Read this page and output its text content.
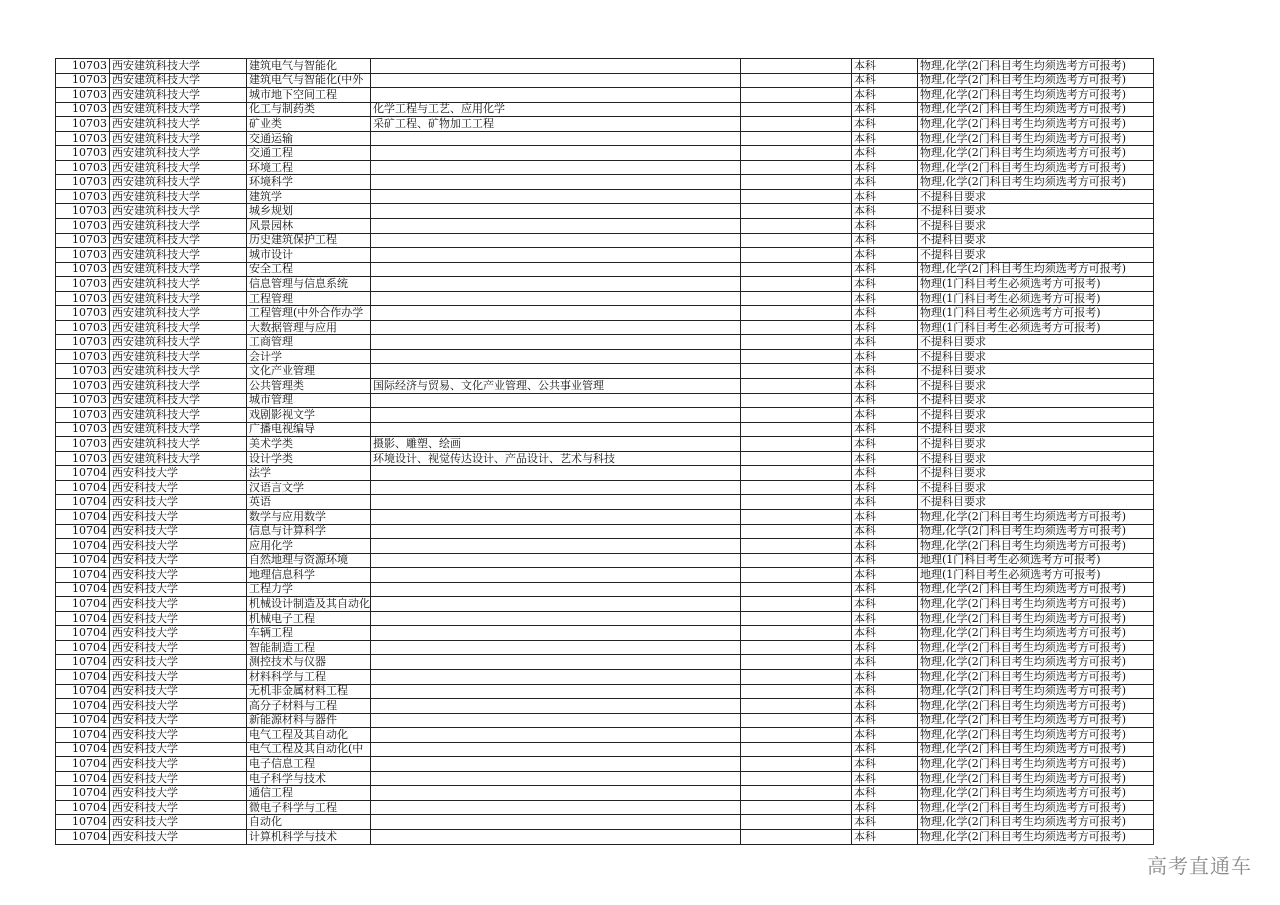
10703	西安建筑科技大学	建筑电气与智能化			本科	物理,化学(2门科目考生均须选考方可报考)
10703	西安建筑科技大学	建筑电气与智能化(中外			本科	物理,化学(2门科目考生均须选考方可报考)
10703	西安建筑科技大学	城市地下空间工程			本科	物理,化学(2门科目考生均须选考方可报考)
10703	西安建筑科技大学	化工与制药类	化学工程与工艺、应用化学		本科	物理,化学(2门科目考生均须选考方可报考)
10703	西安建筑科技大学	矿业类	采矿工程、矿物加工工程		本科	物理,化学(2门科目考生均须选考方可报考)
10703	西安建筑科技大学	交通运输			本科	物理,化学(2门科目考生均须选考方可报考)
10703	西安建筑科技大学	交通工程			本科	物理,化学(2门科目考生均须选考方可报考)
10703	西安建筑科技大学	环境工程			本科	物理,化学(2门科目考生均须选考方可报考)
10703	西安建筑科技大学	环境科学			本科	物理,化学(2门科目考生均须选考方可报考)
10703	西安建筑科技大学	建筑学			本科	不提科目要求
10703	西安建筑科技大学	城乡规划			本科	不提科目要求
10703	西安建筑科技大学	风景园林			本科	不提科目要求
10703	西安建筑科技大学	历史建筑保护工程			本科	不提科目要求
10703	西安建筑科技大学	城市设计			本科	不提科目要求
10703	西安建筑科技大学	安全工程			本科	物理,化学(2门科目考生均须选考方可报考)
10703	西安建筑科技大学	信息管理与信息系统			本科	物理(1门科目考生必须选考方可报考)
10703	西安建筑科技大学	工程管理			本科	物理(1门科目考生必须选考方可报考)
10703	西安建筑科技大学	工程管理(中外合作办学			本科	物理(1门科目考生必须选考方可报考)
10703	西安建筑科技大学	大数据管理与应用			本科	物理(1门科目考生必须选考方可报考)
10703	西安建筑科技大学	工商管理			本科	不提科目要求
10703	西安建筑科技大学	会计学			本科	不提科目要求
10703	西安建筑科技大学	文化产业管理			本科	不提科目要求
10703	西安建筑科技大学	公共管理类	国际经济与贸易、文化产业管理、公共事业管理		本科	不提科目要求
10703	西安建筑科技大学	城市管理			本科	不提科目要求
10703	西安建筑科技大学	戏剧影视文学			本科	不提科目要求
10703	西安建筑科技大学	广播电视编导			本科	不提科目要求
10703	西安建筑科技大学	美术学类	摄影、雕塑、绘画		本科	不提科目要求
10703	西安建筑科技大学	设计学类	环境设计、视觉传达设计、产品设计、艺术与科技		本科	不提科目要求
10704	西安科技大学	法学			本科	不提科目要求
10704	西安科技大学	汉语言文学			本科	不提科目要求
10704	西安科技大学	英语			本科	不提科目要求
10704	西安科技大学	数学与应用数学			本科	物理,化学(2门科目考生均须选考方可报考)
10704	西安科技大学	信息与计算科学			本科	物理,化学(2门科目考生均须选考方可报考)
10704	西安科技大学	应用化学			本科	物理,化学(2门科目考生均须选考方可报考)
10704	西安科技大学	自然地理与资源环境			本科	地理(1门科目考生必须选考方可报考)
10704	西安科技大学	地理信息科学			本科	地理(1门科目考生必须选考方可报考)
10704	西安科技大学	工程力学			本科	物理,化学(2门科目考生均须选考方可报考)
10704	西安科技大学	机械设计制造及其自动化			本科	物理,化学(2门科目考生均须选考方可报考)
10704	西安科技大学	机械电子工程			本科	物理,化学(2门科目考生均须选考方可报考)
10704	西安科技大学	车辆工程			本科	物理,化学(2门科目考生均须选考方可报考)
10704	西安科技大学	智能制造工程			本科	物理,化学(2门科目考生均须选考方可报考)
10704	西安科技大学	测控技术与仪器			本科	物理,化学(2门科目考生均须选考方可报考)
10704	西安科技大学	材料科学与工程			本科	物理,化学(2门科目考生均须选考方可报考)
10704	西安科技大学	无机非金属材料工程			本科	物理,化学(2门科目考生均须选考方可报考)
10704	西安科技大学	高分子材料与工程			本科	物理,化学(2门科目考生均须选考方可报考)
10704	西安科技大学	新能源材料与器件			本科	物理,化学(2门科目考生均须选考方可报考)
10704	西安科技大学	电气工程及其自动化			本科	物理,化学(2门科目考生均须选考方可报考)
10704	西安科技大学	电气工程及其自动化(中			本科	物理,化学(2门科目考生均须选考方可报考)
10704	西安科技大学	电子信息工程			本科	物理,化学(2门科目考生均须选考方可报考)
10704	西安科技大学	电子科学与技术			本科	物理,化学(2门科目考生均须选考方可报考)
10704	西安科技大学	通信工程			本科	物理,化学(2门科目考生均须选考方可报考)
10704	西安科技大学	微电子科学与工程			本科	物理,化学(2门科目考生均须选考方可报考)
10704	西安科技大学	自动化			本科	物理,化学(2门科目考生均须选考方可报考)
10704	西安科技大学	计算机科学与技术			本科	物理,化学(2门科目考生均须选考方可报考)
高考直通车
